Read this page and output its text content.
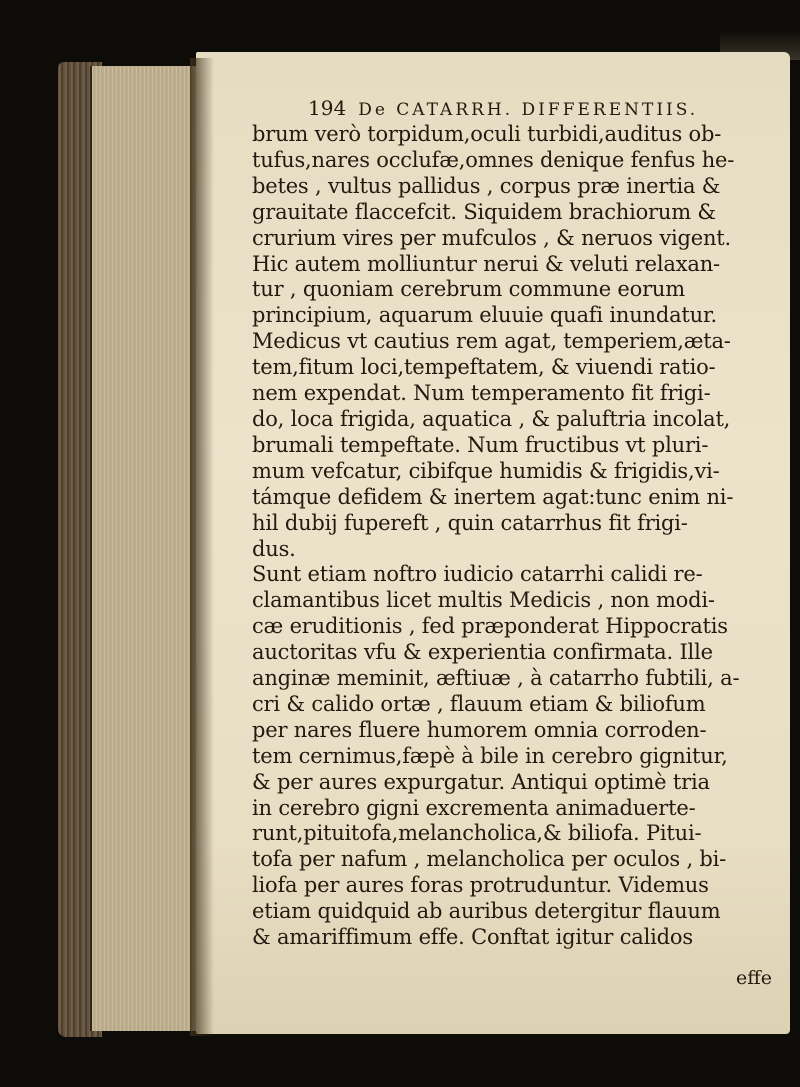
194 De CATARRH. DIFFERENTIIS.
brum verò torpidum,oculi turbidi,auditus ob-
tufus,nares occlufæ,omnes denique fenfus he-
betes , vultus pallidus , corpus præ inertia &
grauitate flaccefcit. Siquidem brachiorum &
crurium vires per mufculos , & neruos vigent.
Hic autem molliuntur nerui & veluti relaxan-
tur , quoniam cerebrum commune eorum
principium, aquarum eluuie quafi inundatur.
Medicus vt cautius rem agat, temperiem,æta-
tem,fitum loci,tempeftatem, & viuendi ratio-
nem expendat. Num temperamento fit frigi-
do, loca frigida, aquatica , & paluftria incolat,
brumali tempeftate. Num fructibus vt pluri-
mum vefcatur, cibifque humidis & frigidis,vi-
támque defidem & inertem agat:tunc enim ni-
hil dubij fupereft , quin catarrhus fit frigi-
dus.
Sunt etiam noftro iudicio catarrhi calidi re-
clamantibus licet multis Medicis , non modi-
cæ eruditionis , fed præponderat Hippocratis
auctoritas vfu & experientia confirmata. Ille
anginæ meminit, æftiuæ , à catarrho fubtili, a-
cri & calido ortæ , flauum etiam & biliofum
per nares fluere humorem omnia corroden-
tem cernimus,fæpè à bile in cerebro gignitur,
& per aures expurgatur. Antiqui optimè tria
in cerebro gigni excrementa animaduerte-
runt,pituitofa,melancholica,& biliofa. Pitui-
tofa per nafum , melancholica per oculos , bi-
liofa per aures foras protruduntur. Videmus
etiam quidquid ab auribus detergitur flauum
& amariffimum effe. Conftat igitur calidos
effe
